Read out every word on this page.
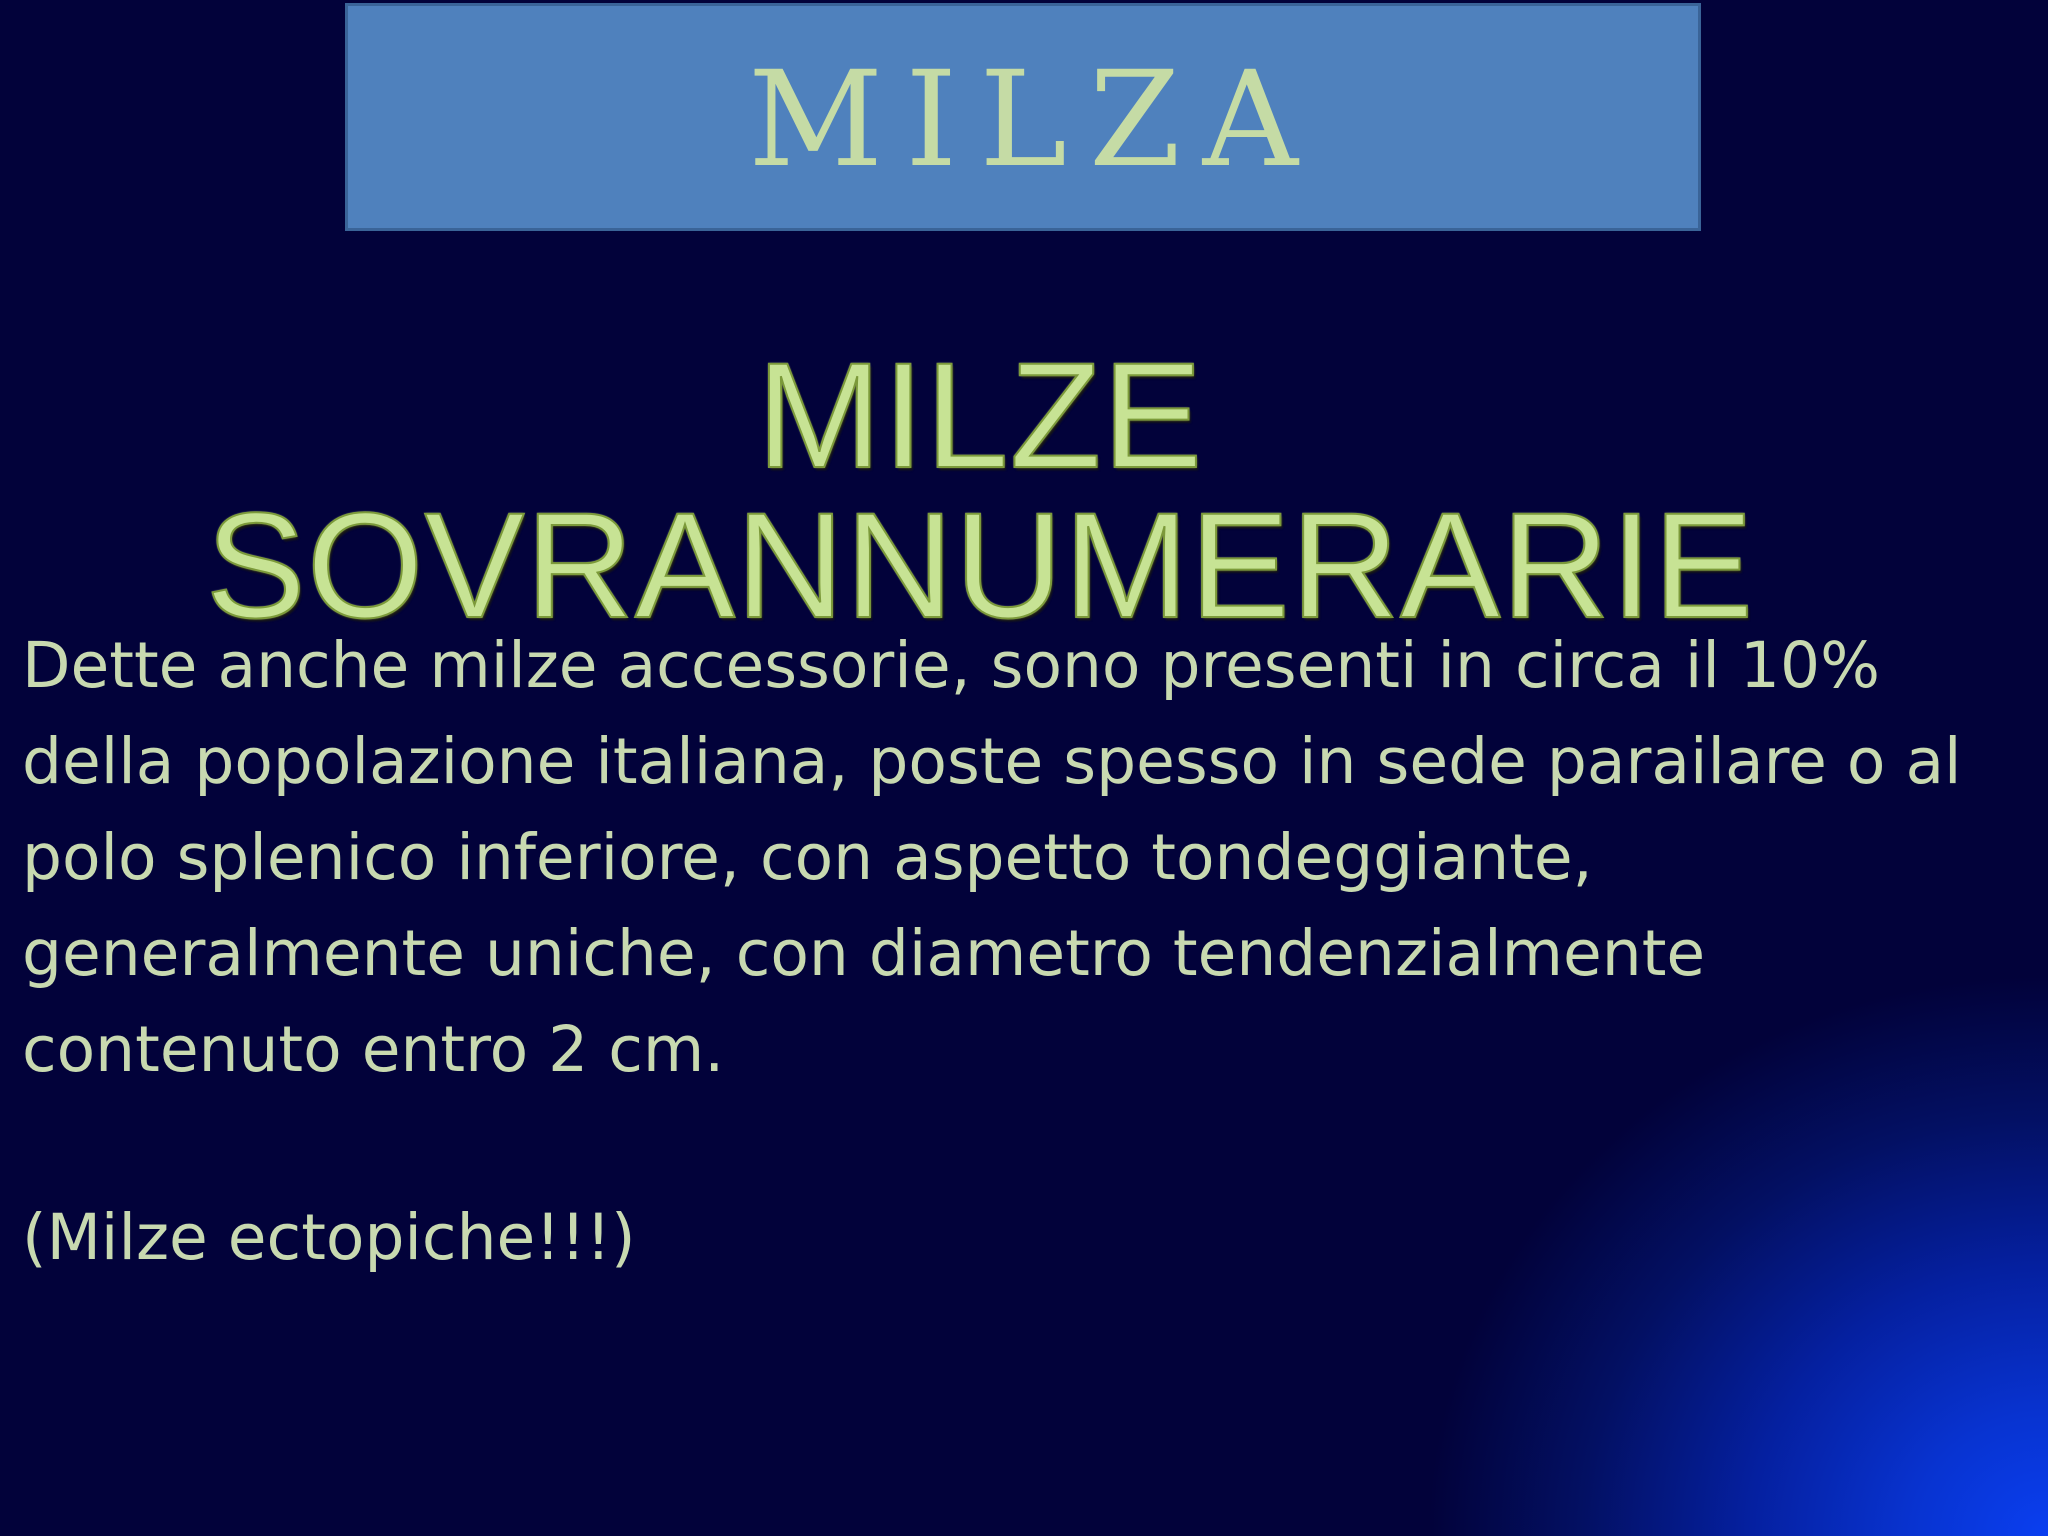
MILZA
MILZE SOVRANNUMERARIE

Dette anche milze accessorie, sono presenti in circa il 10%

della popolazione italiana, poste spesso in sede parailare o al

polo splenico inferiore, con aspetto tondeggiante,

generalmente uniche, con diametro tendenzialmente

contenuto entro 2 cm.

(Milze ectopiche!!!)
